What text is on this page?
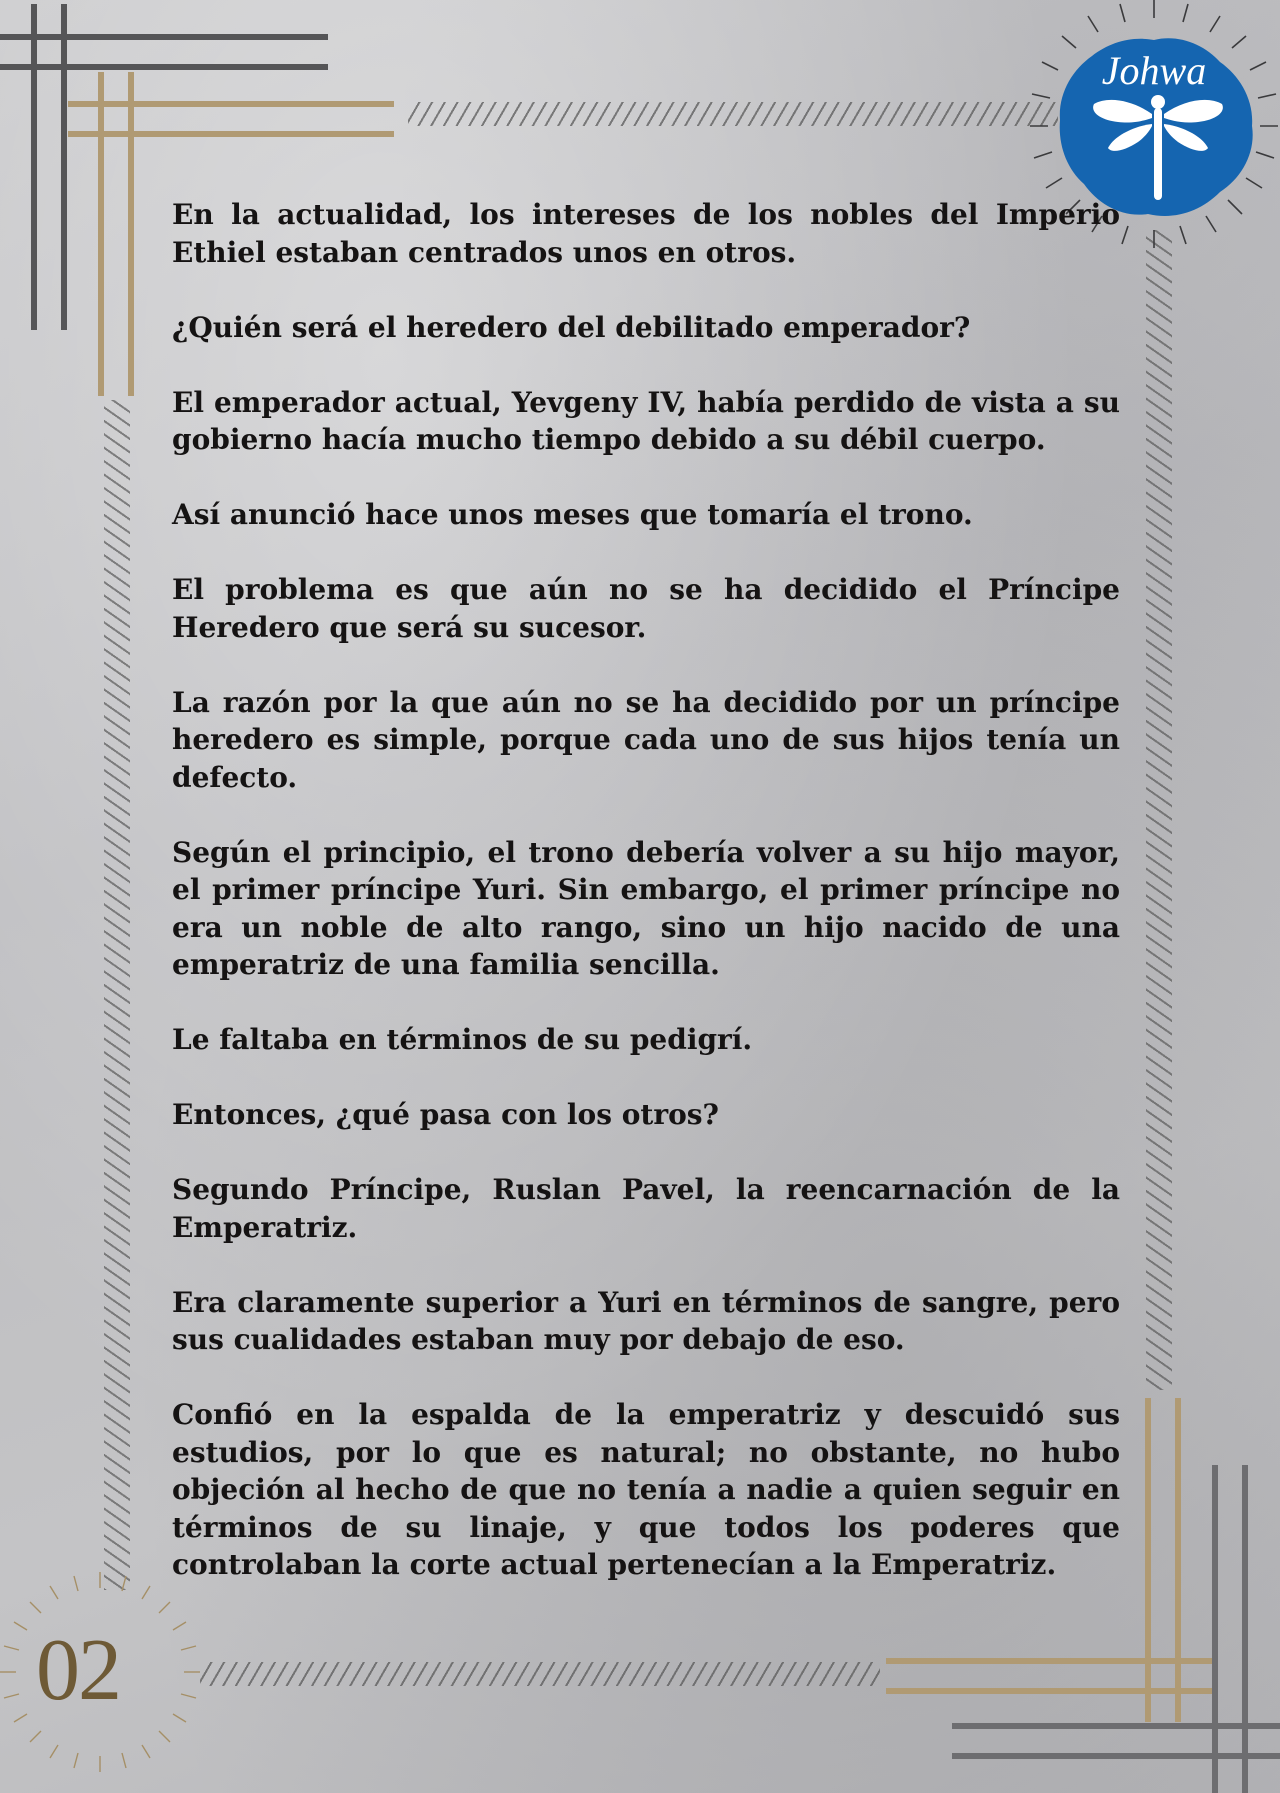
Johwa
02

En la actualidad, los intereses de los nobles del Imperio Ethiel estaban centrados unos en otros.

¿Quién será el heredero del debilitado emperador?

El emperador actual, Yevgeny IV, había perdido de vista a su gobierno hacía mucho tiempo debido a su débil cuerpo.

Así anunció hace unos meses que tomaría el trono.

El problema es que aún no se ha decidido el Príncipe Heredero que será su sucesor.

La razón por la que aún no se ha decidido por un príncipe heredero es simple, porque cada uno de sus hijos tenía un defecto.

Según el principio, el trono debería volver a su hijo mayor, el primer príncipe Yuri. Sin embargo, el primer príncipe no era un noble de alto rango, sino un hijo nacido de una emperatriz de una familia sencilla.

Le faltaba en términos de su pedigrí.

Entonces, ¿qué pasa con los otros?

Segundo Príncipe, Ruslan Pavel, la reencarnación de la Emperatriz.

Era claramente superior a Yuri en términos de sangre, pero sus cualidades estaban muy por debajo de eso.

Confió en la espalda de la emperatriz y descuidó sus estudios, por lo que es natural; no obstante, no hubo objeción al hecho de que no tenía a nadie a quien seguir en términos de su linaje, y que todos los poderes que controlaban la corte actual pertenecían a la Emperatriz.
